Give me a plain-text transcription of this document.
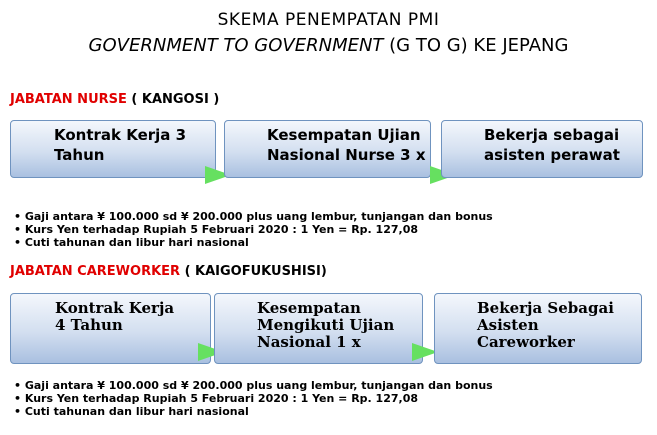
SKEMA PENEMPATAN PMI
GOVERNMENT TO GOVERNMENT (G TO G) KE JEPANG
JABATAN NURSE ( KANGOSI )
Kontrak Kerja 3
Tahun
Kesempatan Ujian
Nasional Nurse 3 x
Bekerja sebagai
asisten perawat
• Gaji antara ¥ 100.000 sd ¥ 200.000 plus uang lembur, tunjangan dan bonus
• Kurs Yen terhadap Rupiah 5 Februari 2020 : 1 Yen = Rp. 127,08
• Cuti tahunan dan libur hari nasional
JABATAN CAREWORKER ( KAIGOFUKUSHISI)
Kontrak Kerja
4 Tahun
Kesempatan
Mengikuti Ujian
Nasional 1 x
Bekerja Sebagai
Asisten
Careworker
• Gaji antara ¥ 100.000 sd ¥ 200.000 plus uang lembur, tunjangan dan bonus
• Kurs Yen terhadap Rupiah 5 Februari 2020 : 1 Yen = Rp. 127,08
• Cuti tahunan dan libur hari nasional
